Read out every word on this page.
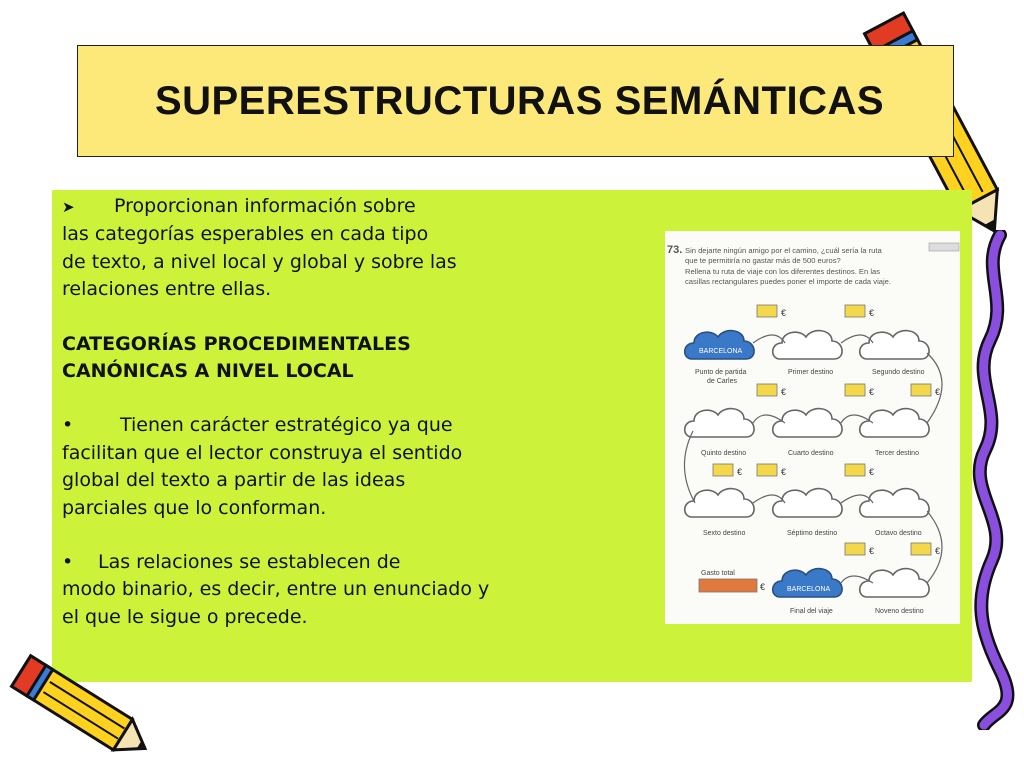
SUPERESTRUCTURAS SEMÁNTICAS

➤ Proporcionan información sobre

las categorías esperables en cada tipo

de texto, a nivel local y global y sobre las

relaciones entre ellas.

CATEGORÍAS PROCEDIMENTALES

CANÓNICAS A NIVEL LOCAL

• Tienen carácter estratégico ya que

facilitan que el lector construya el sentido

global del texto a partir de las ideas

parciales que lo conforman.

• Las relaciones se establecen de

modo binario, es decir, entre un enunciado y

el que le sigue o precede.

73. Sin dejarte ningún amigo por el camino, ¿cuál sería la ruta
que te permitiría no gastar más de 500 euros?
Rellena tu ruta de viaje con los diferentes destinos. En las
casillas rectangulares puedes poner el importe de cada viaje.
BARCELONA
€	€
Punto de partida
de Carles
Primer destino	Segundo destino
€	€	€
Quinto destino	Cuarto destino	Tercer destino
€	€	€
Sexto destino	Séptimo destino	Octavo destino
€	€
BARCELONA
Gasto total
€
Final del viaje	Noveno destino
